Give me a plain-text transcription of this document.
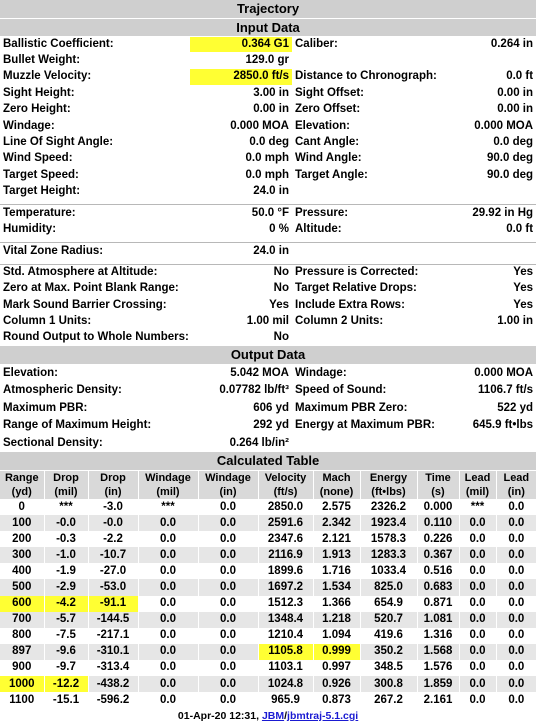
Trajectory			
Input Data			
Ballistic Coefficient:	0.364 G1	Caliber:	0.264 in
Bullet Weight:	129.0 gr		
Muzzle Velocity:	2850.0 ft/s	Distance to Chronograph:	0.0 ft
Sight Height:	3.00 in	Sight Offset:	0.00 in
Zero Height:	0.00 in	Zero Offset:	0.00 in
Windage:	0.000 MOA	Elevation:	0.000 MOA
Line Of Sight Angle:	0.0 deg	Cant Angle:	0.0 deg
Wind Speed:	0.0 mph	Wind Angle:	90.0 deg
Target Speed:	0.0 mph	Target Angle:	90.0 deg
Target Height:	24.0 in		

Temperature:	50.0 °F	Pressure:	29.92 in Hg
Humidity:	0 %	Altitude:	0.0 ft

Vital Zone Radius:	24.0 in		

Std. Atmosphere at Altitude:	No	Pressure is Corrected:	Yes
Zero at Max. Point Blank Range:	No	Target Relative Drops:	Yes
Mark Sound Barrier Crossing:	Yes	Include Extra Rows:	Yes
Column 1 Units:	1.00 mil	Column 2 Units:	1.00 in
Round Output to Whole Numbers:	No		
Output Data			
Elevation:	5.042 MOA	Windage:	0.000 MOA
Atmospheric Density:	0.07782 lb/ft³	Speed of Sound:	1106.7 ft/s
Maximum PBR:	606 yd	Maximum PBR Zero:	522 yd
Range of Maximum Height:	292 yd	Energy at Maximum PBR:	645.9 ft•lbs
Sectional Density:	0.264 lb/in²		
Calculated Table										
Range	Drop	Drop	Windage	Windage	Velocity	Mach	Energy	Time	Lead	Lead
(yd)	(mil)	(in)	(mil)	(in)	(ft/s)	(none)	(ft•lbs)	(s)	(mil)	(in)
0	***	-3.0	***	0.0	2850.0	2.575	2326.2	0.000	***	0.0
100	-0.0	-0.0	0.0	0.0	2591.6	2.342	1923.4	0.110	0.0	0.0
200	-0.3	-2.2	0.0	0.0	2347.6	2.121	1578.3	0.226	0.0	0.0
300	-1.0	-10.7	0.0	0.0	2116.9	1.913	1283.3	0.367	0.0	0.0
400	-1.9	-27.0	0.0	0.0	1899.6	1.716	1033.4	0.516	0.0	0.0
500	-2.9	-53.0	0.0	0.0	1697.2	1.534	825.0	0.683	0.0	0.0
600	-4.2	-91.1	0.0	0.0	1512.3	1.366	654.9	0.871	0.0	0.0
700	-5.7	-144.5	0.0	0.0	1348.4	1.218	520.7	1.081	0.0	0.0
800	-7.5	-217.1	0.0	0.0	1210.4	1.094	419.6	1.316	0.0	0.0
897	-9.6	-310.1	0.0	0.0	1105.8	0.999	350.2	1.568	0.0	0.0
900	-9.7	-313.4	0.0	0.0	1103.1	0.997	348.5	1.576	0.0	0.0
1000	-12.2	-438.2	0.0	0.0	1024.8	0.926	300.8	1.859	0.0	0.0
1100	-15.1	-596.2	0.0	0.0	965.9	0.873	267.2	2.161	0.0	0.0
01-Apr-20 12:31, JBM/jbmtraj-5.1.cgi										
